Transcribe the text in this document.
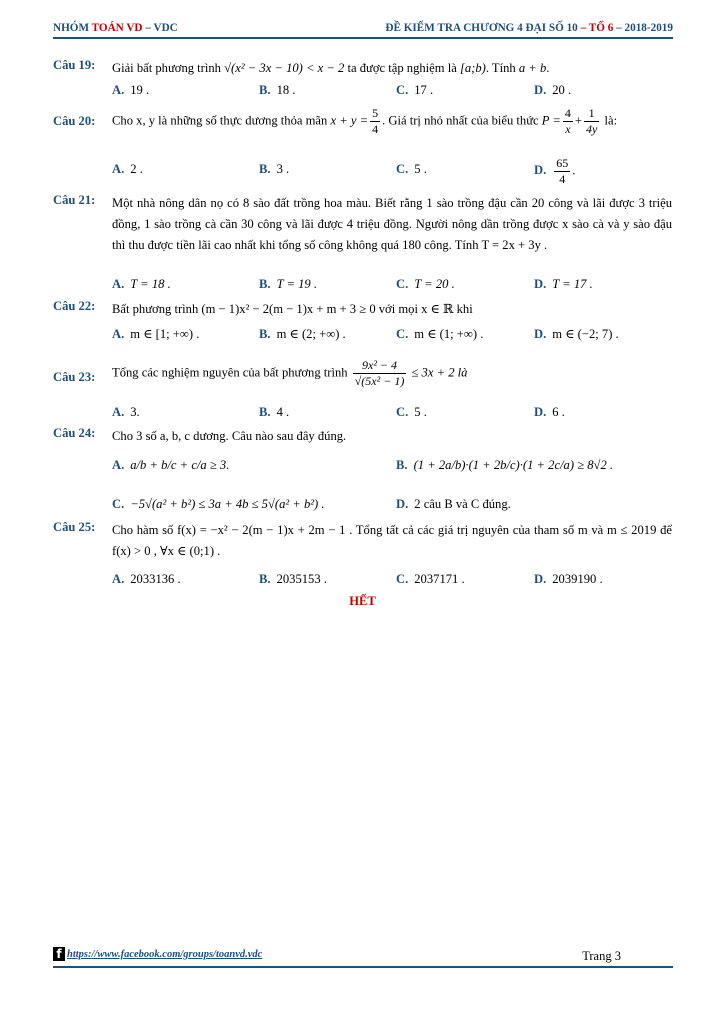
NHÓM TOÁN VD – VDC	ĐỀ KIỂM TRA CHƯƠNG 4 ĐẠI SỐ 10 – TỔ 6 – 2018-2019
Câu 19: Giải bất phương trình √(x² − 3x − 10) < x − 2 ta được tập nghiệm là [a;b). Tính a + b.
A. 19 .	B. 18 .	C. 17 .	D. 20 .
Câu 20: Cho x, y là những số thực dương thỏa mãn $x + y = \frac{5}{4}$ . Giá trị nhỏ nhất của biểu thức $P = \frac{4}{x} + \frac{1}{4y}$ là:
A. 2 .	B. 3 .	C. 5 .	D. $\frac{65}{4}$ .
Câu 21: Một nhà nông dân nọ có 8 sào đất trồng hoa màu. Biết rằng 1 sào trồng đậu cần 20 công và lãi được 3 triệu đồng, 1 sào trồng cà cần 30 công và lãi được 4 triệu đồng. Người nông dần trồng được x sào cà và y sào đậu thì thu được tiền lãi cao nhất khi tổng số công không quá 180 công. Tính T = 2x + 3y .
A. T = 18 .	B. T = 19 .	C. T = 20 .	D. T = 17 .
Câu 22: Bất phương trình (m − 1)x² − 2(m − 1)x + m + 3 ≥ 0 với mọi x ∈ ℝ khi
A. m ∈ [1; +∞) .	B. m ∈ (2; +∞) .	C. m ∈ (1; +∞) .	D. m ∈ (−2; 7) .
Câu 23: Tổng các nghiệm nguyên của bất phương trình $\frac{\text{9x² − 4}}{\text{√(5x² − 1)}} \le 3x + 2$ là
A. 3.	B. 4 .	C. 5 .	D. 6 .
Câu 24: Cho 3 số a, b, c dương. Câu nào sau đây đúng.
A. a/b + b/c + c/a ≥ 3.	B. (1 + 2a/b)·(1 + 2b/c)·(1 + 2c/a) ≥ 8√2 .
C. −5√(a² + b²) ≤ 3a + 4b ≤ 5√(a² + b²) .	D. 2 câu B và C đúng.
Câu 25: Cho hàm số f(x) = −x² − 2(m − 1)x + 2m − 1 . Tổng tất cả các giá trị nguyên của tham số m và m ≤ 2019 để f(x) > 0 , ∀x ∈ (0;1) .
A. 2033136 .	B. 2035153 .	C. 2037171 .	D. 2039190 .
HẾT
f https://www.facebook.com/groups/toanvd.vdc	Trang 3
